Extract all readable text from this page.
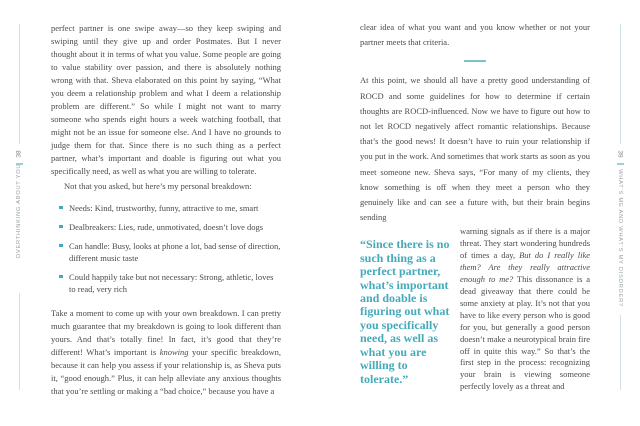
38
OVERTHINKING ABOUT YOU
39
WHAT’S ME AND WHAT’S MY DISORDER?

perfect partner is one swipe away—so they keep swiping and swiping until they give up and order Postmates. But I never thought about it in terms of what you value. Some people are going to value stability over passion, and there is absolutely nothing wrong with that. Sheva elaborated on this point by saying, “What you deem a relationship problem and what I deem a relationship problem are different.” So while I might not want to marry someone who spends eight hours a week watching football, that might not be an issue for someone else. And I have no grounds to judge them for that. Since there is no such thing as a perfect partner, what’s important and doable is figuring out what you specifically need, as well as what you are willing to tolerate.

Not that you asked, but here’s my personal breakdown:

Needs: Kind, trustworthy, funny, attractive to me, smart
Dealbreakers: Lies, rude, unmotivated, doesn’t love dogs
Can handle: Busy, looks at phone a lot, bad sense of direction, different music taste
Could happily take but not necessary: Strong, athletic, loves to read, very rich

Take a moment to come up with your own breakdown. I can pretty much guarantee that my breakdown is going to look different than yours. And that’s totally fine! In fact, it’s good that they’re different! What’s important is knowing your specific breakdown, because it can help you assess if your relationship is, as Sheva puts it, “good enough.” Plus, it can help alleviate any anxious thoughts that you’re settling or making a “bad choice,” because you have a

clear idea of what you want and you know whether or not your partner meets that criteria.

At this point, we should all have a pretty good understanding of ROCD and some guidelines for how to determine if certain thoughts are ROCD-influenced. Now we have to figure out how to not let ROCD negatively affect romantic relationships. Because that’s the good news! It doesn’t have to ruin your relationship if you put in the work. And sometimes that work starts as soon as you meet someone new. Sheva says, “For many of my clients, they know something is off when they meet a person who they genuinely like and can see a future with, but their brain begins sending

“Since there is no such thing as a perfect partner, what’s important and doable is figuring out what you specifically need, as well as what you are willing to tolerate.”

warning signals as if there is a major threat. They start wondering hundreds of times a day, But do I really like them? Are they really attractive enough to me? This dissonance is a dead giveaway that there could be some anxiety at play. It’s not that you have to like every person who is good for you, but generally a good person doesn’t make a neurotypical brain fire off in quite this way.” So that’s the first step in the process: recognizing your brain is viewing someone perfectly lovely as a threat and
